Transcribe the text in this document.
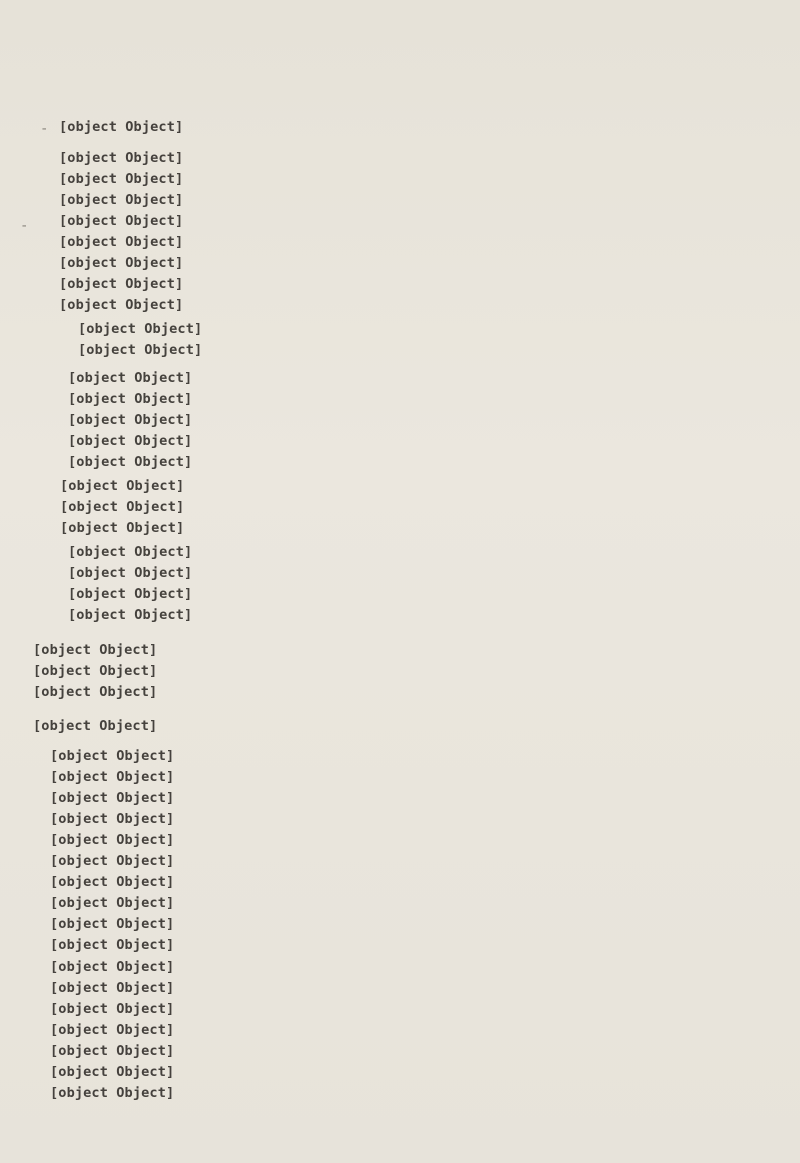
-
-
[object Object]
[object Object]
[object Object]
[object Object]
[object Object]
[object Object]
[object Object]
[object Object]
[object Object]
[object Object]
[object Object]
[object Object]
[object Object]
[object Object]
[object Object]
[object Object]
[object Object]
[object Object]
[object Object]
[object Object]
[object Object]
[object Object]
[object Object]
[object Object]
[object Object]
[object Object]
[object Object]
[object Object]
[object Object]
[object Object]
[object Object]
[object Object]
[object Object]
[object Object]
[object Object]
[object Object]
[object Object]
[object Object]
[object Object]
[object Object]
[object Object]
[object Object]
[object Object]
[object Object]
